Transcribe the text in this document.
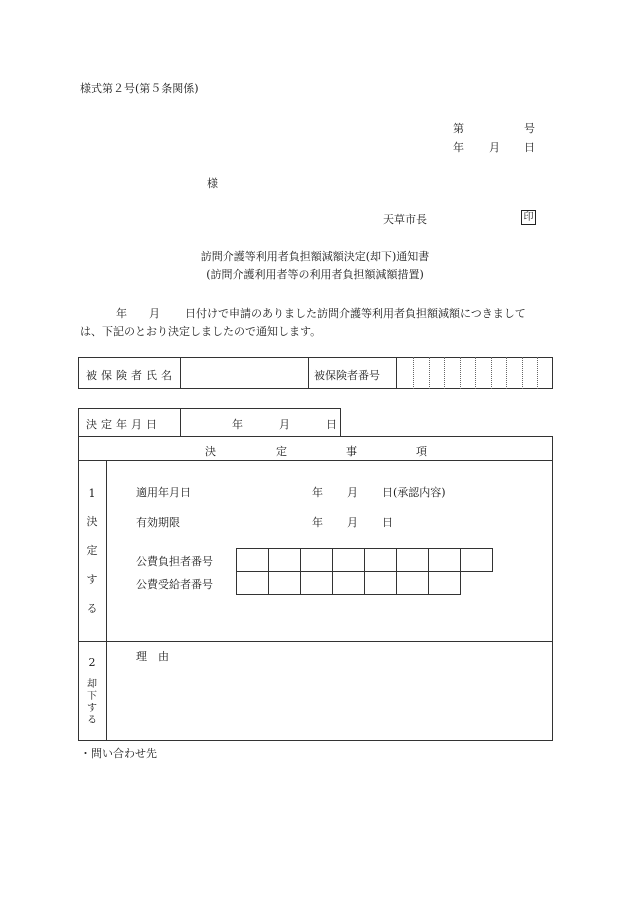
様式第２号(第５条関係)
第	号
年 月 日
様
天草市長	印
訪問介護等利用者負担額減額決定(却下)通知書
(訪問介護利用者等の利用者負担額減額措置)
年 月 日付けで申請のありました訪問介護等利用者負担額減額につきまして
は、下記のとおり決定しましたので通知します。
被保険者氏名	被保険者番号
決定年月日	年	月	日
決	定	事	項
1
決
定
す
る
適用年月日	年 月 日(承認内容)
有効期限	年 月 日
公費負担者番号
公費受給者番号
2
却
下
す
る
理　由
・問い合わせ先
